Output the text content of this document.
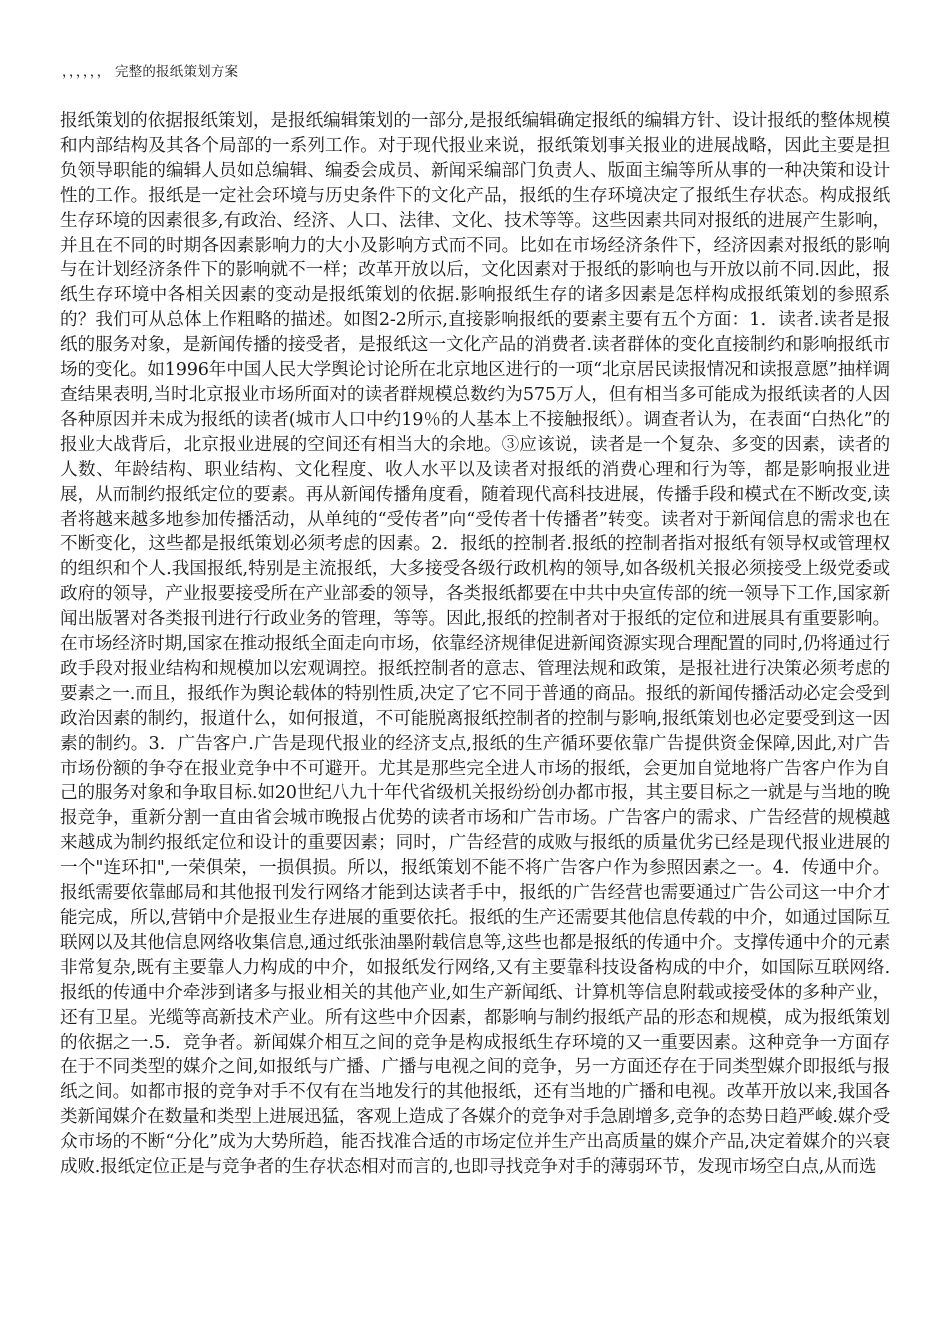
，，，，，， 完整的报纸策划方案

报纸策划的依据报纸策划，是报纸编辑策划的一部分,是报纸编辑确定报纸的编辑方针、设计报纸的整体规模和内部结构及其各个局部的一系列工作。对于现代报业来说，报纸策划事关报业的进展战略，因此主要是担负领导职能的编辑人员如总编辑、编委会成员、新闻采编部门负责人、版面主编等所从事的一种决策和设计性的工作。报纸是一定社会环境与历史条件下的文化产品，报纸的生存环境决定了报纸生存状态。构成报纸生存环境的因素很多,有政治、经济、人口、法律、文化、技术等等。这些因素共同对报纸的进展产生影响，并且在不同的时期各因素影响力的大小及影响方式而不同。比如在市场经济条件下，经济因素对报纸的影响与在计划经济条件下的影响就不一样；改革开放以后，文化因素对于报纸的影响也与开放以前不同.因此，报纸生存环境中各相关因素的变动是报纸策划的依据.影响报纸生存的诸多因素是怎样构成报纸策划的参照系的？我们可从总体上作粗略的描述。如图2-2所示,直接影响报纸的要素主要有五个方面：1．读者.读者是报纸的服务对象，是新闻传播的接受者，是报纸这一文化产品的消费者.读者群体的变化直接制约和影响报纸市场的变化。如1996年中国人民大学舆论讨论所在北京地区进行的一项“北京居民读报情况和读报意愿”抽样调查结果表明,当时北京报业市场所面对的读者群规模总数约为575万人，但有相当多可能成为报纸读者的人因各种原因并未成为报纸的读者(城市人口中约19％的人基本上不接触报纸）。调查者认为，在表面“白热化”的报业大战背后，北京报业进展的空间还有相当大的余地。③应该说，读者是一个复杂、多变的因素，读者的人数、年龄结构、职业结构、文化程度、收人水平以及读者对报纸的消费心理和行为等，都是影响报业进展，从而制约报纸定位的要素。再从新闻传播角度看，随着现代高科技进展，传播手段和模式在不断改变,读者将越来越多地参加传播活动，从单纯的“受传者”向“受传者十传播者”转变。读者对于新闻信息的需求也在不断变化，这些都是报纸策划必须考虑的因素。2．报纸的控制者.报纸的控制者指对报纸有领导权或管理权的组织和个人.我国报纸,特别是主流报纸，大多接受各级行政机构的领导,如各级机关报必须接受上级党委或政府的领导，产业报要接受所在产业部委的领导，各类报纸都要在中共中央宣传部的统一领导下工作,国家新闻出版署对各类报刊进行行政业务的管理，等等。因此,报纸的控制者对于报纸的定位和进展具有重要影响。在市场经济时期,国家在推动报纸全面走向市场，依靠经济规律促进新闻资源实现合理配置的同时,仍将通过行政手段对报业结构和规模加以宏观调控。报纸控制者的意志、管理法规和政策，是报社进行决策必须考虑的要素之一.而且，报纸作为舆论载体的特别性质,决定了它不同于普通的商品。报纸的新闻传播活动必定会受到政治因素的制约，报道什么，如何报道，不可能脱离报纸控制者的控制与影响,报纸策划也必定要受到这一因素的制约。3．广告客户.广告是现代报业的经济支点,报纸的生产循环要依靠广告提供资金保障,因此,对广告市场份额的争夺在报业竞争中不可避开。尤其是那些完全进人市场的报纸，会更加自觉地将广告客户作为自己的服务对象和争取目标.如20世纪八九十年代省级机关报纷纷创办都市报，其主要目标之一就是与当地的晚报竞争，重新分割一直由省会城市晚报占优势的读者市场和广告市场。广告客户的需求、广告经营的规模越来越成为制约报纸定位和设计的重要因素；同时，广告经营的成败与报纸的质量优劣已经是现代报业进展的一个"连环扣",一荣俱荣，一损俱损。所以，报纸策划不能不将广告客户作为参照因素之一。4．传通中介。报纸需要依靠邮局和其他报刊发行网络才能到达读者手中，报纸的广告经营也需要通过广告公司这一中介才能完成，所以,营销中介是报业生存进展的重要依托。报纸的生产还需要其他信息传载的中介，如通过国际互联网以及其他信息网络收集信息,通过纸张油墨附载信息等,这些也都是报纸的传通中介。支撑传通中介的元素非常复杂,既有主要靠人力构成的中介，如报纸发行网络,又有主要靠科技设备构成的中介，如国际互联网络.报纸的传通中介牵涉到诸多与报业相关的其他产业,如生产新闻纸、计算机等信息附载或接受体的多种产业，还有卫星。光缆等高新技术产业。所有这些中介因素，都影响与制约报纸产品的形态和规模，成为报纸策划的依据之一.5．竞争者。新闻媒介相互之间的竞争是构成报纸生存环境的又一重要因素。这种竞争一方面存在于不同类型的媒介之间,如报纸与广播、广播与电视之间的竞争，另一方面还存在于同类型媒介即报纸与报纸之间。如都市报的竞争对手不仅有在当地发行的其他报纸，还有当地的广播和电视。改革开放以来,我国各类新闻媒介在数量和类型上进展迅猛，客观上造成了各媒介的竞争对手急剧增多,竞争的态势日趋严峻.媒介受众市场的不断“分化”成为大势所趋，能否找准合适的市场定位并生产出高质量的媒介产品,决定着媒介的兴衰成败.报纸定位正是与竞争者的生存状态相对而言的,也即寻找竞争对手的薄弱环节，发现市场空白点,从而选
